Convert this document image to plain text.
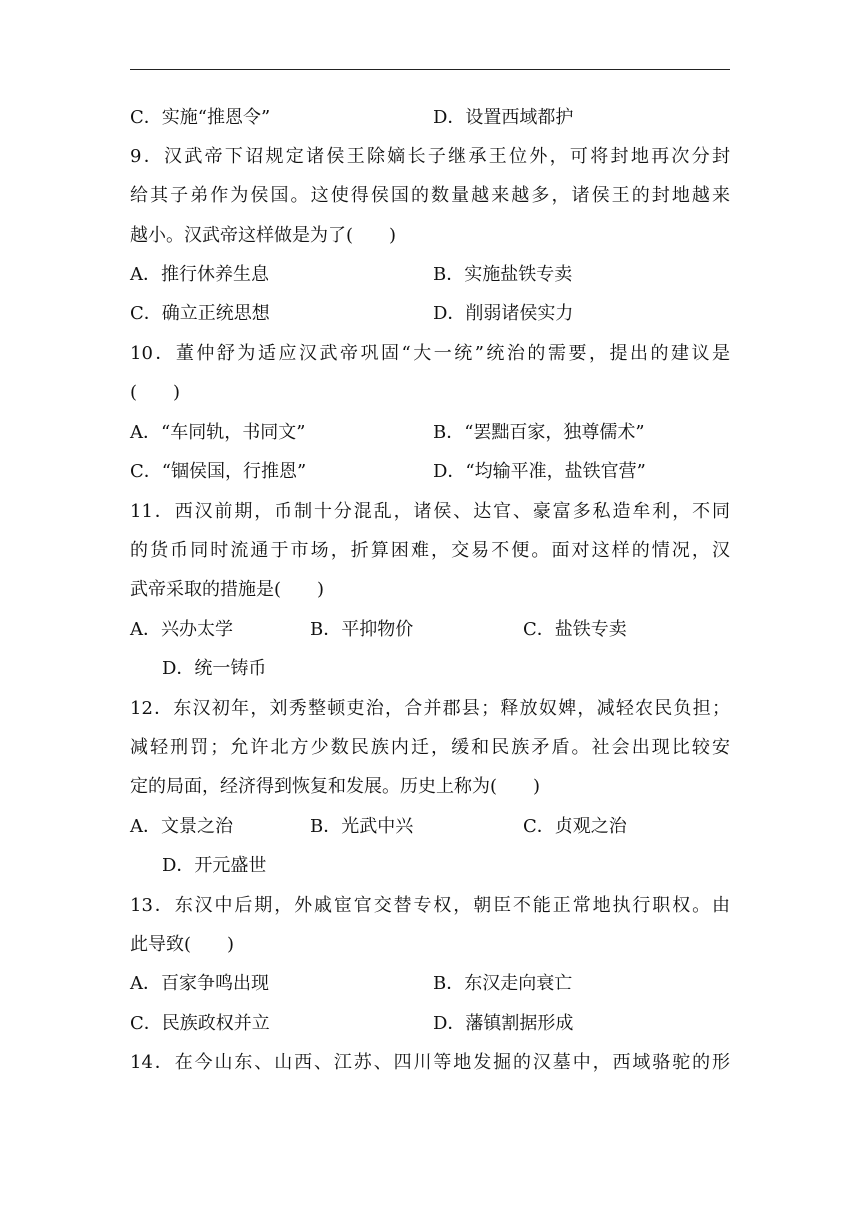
C．实施“推恩令”	D．设置西域都护
9．汉武帝下诏规定诸侯王除嫡长子继承王位外，可将封地再次分封
给其子弟作为侯国。这使得侯国的数量越来越多，诸侯王的封地越来
越小。汉武帝这样做是为了(　　)
A．推行休养生息	B．实施盐铁专卖
C．确立正统思想	D．削弱诸侯实力
10．董仲舒为适应汉武帝巩固“大一统”统治的需要，提出的建议是
(　　)
A．“车同轨，书同文”	B．“罢黜百家，独尊儒术”
C．“锢侯国，行推恩”	D．“均输平准，盐铁官营”
11．西汉前期，币制十分混乱，诸侯、达官、豪富多私造牟利，不同
的货币同时流通于市场，折算困难，交易不便。面对这样的情况，汉
武帝采取的措施是(　　)
A．兴办太学	B．平抑物价	C．盐铁专卖
D．统一铸币
12．东汉初年，刘秀整顿吏治，合并郡县；释放奴婢，减轻农民负担；
减轻刑罚；允许北方少数民族内迁，缓和民族矛盾。社会出现比较安
定的局面，经济得到恢复和发展。历史上称为(　　)
A．文景之治	B．光武中兴	C．贞观之治
D．开元盛世
13．东汉中后期，外戚宦官交替专权，朝臣不能正常地执行职权。由
此导致(　　)
A．百家争鸣出现	B．东汉走向衰亡
C．民族政权并立	D．藩镇割据形成
14．在今山东、山西、江苏、四川等地发掘的汉墓中，西域骆驼的形
